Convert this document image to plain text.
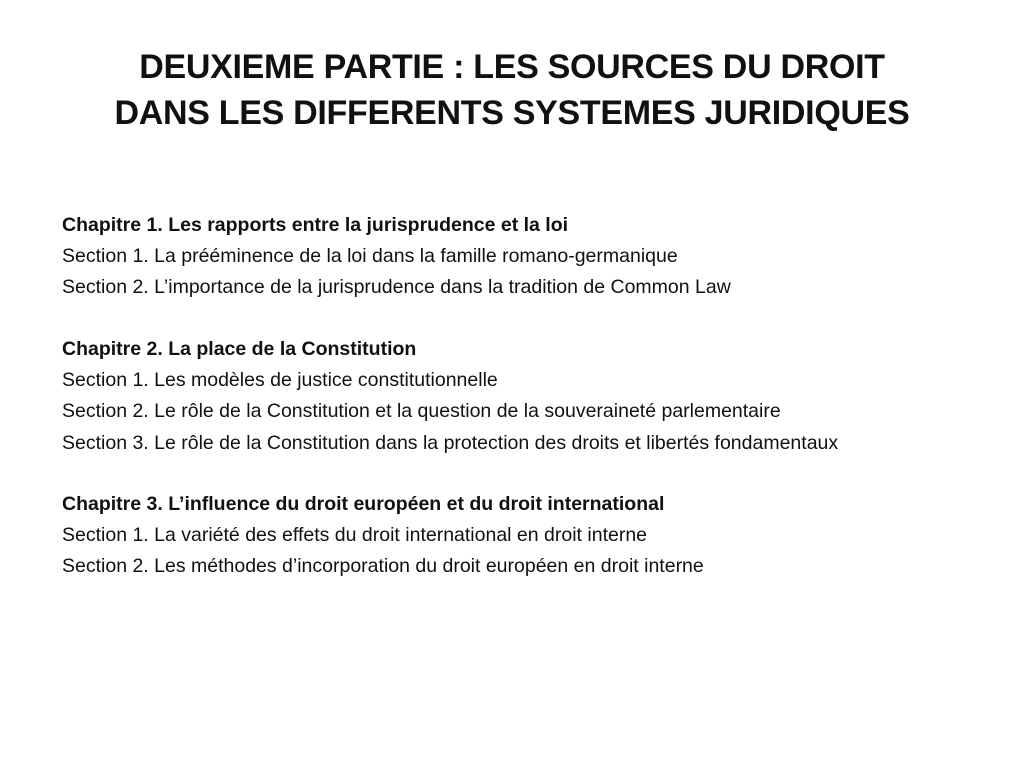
DEUXIEME PARTIE : LES SOURCES DU DROIT
DANS LES DIFFERENTS SYSTEMES JURIDIQUES
Chapitre 1. Les rapports entre la jurisprudence et la loi
Section 1. La prééminence de la loi dans la famille romano-germanique
Section 2. L’importance de la jurisprudence dans la tradition de Common Law
Chapitre 2. La place de la Constitution
Section 1. Les modèles de justice constitutionnelle
Section 2. Le rôle de la Constitution et la question de la souveraineté parlementaire
Section 3. Le rôle de la Constitution dans la protection des droits et libertés fondamentaux
Chapitre 3. L’influence du droit européen et du droit international
Section 1. La variété des effets du droit international en droit interne
Section 2. Les méthodes d’incorporation du droit européen en droit interne
